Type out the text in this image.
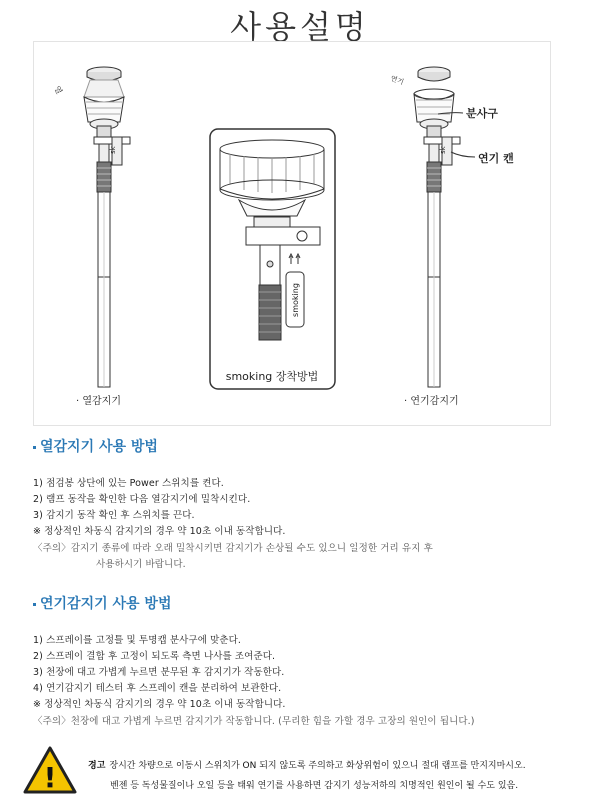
사용설명
열
sk
smoking
smoking 장착방법
연기
sk
분사구
연기 캔
· 열감지기	· 연기감지기
열감지기 사용 방법
1) 점검봉 상단에 있는 Power 스위치를 켠다.
2) 램프 동작을 확인한 다음 열감지기에 밀착시킨다.
3) 감지기 동작 확인 후 스위치를 끈다.
※ 정상적인 차동식 감지기의 경우 약 10초 이내 동작합니다.
〈주의〉감지기 종류에 따라 오래 밀착시키면 감지기가 손상될 수도 있으니 일정한 거리 유지 후
사용하시기 바랍니다.
연기감지기 사용 방법
1) 스프레이를 고정틀 및 투명캡 분사구에 맞춘다.
2) 스프레이 결합 후 고정이 되도록 측면 나사를 조여준다.
3) 천장에 대고 가볍게 누르면 분무된 후 감지기가 작동한다.
4) 연기감지기 테스터 후 스프레이 캔을 분리하여 보관한다.
※ 정상적인 차동식 감지기의 경우 약 10초 이내 동작합니다.
〈주의〉천장에 대고 가볍게 누르면 감지기가 작동합니다. (무리한 힘을 가할 경우 고장의 원인이 됩니다.)
!	경고 장시간 차량으로 이동시 스위치가 ON 되지 않도록 주의하고 화상위험이 있으니 절대 램프를 만지지마시오.
벤젠 등 독성물질이나 오일 등을 태워 연기를 사용하면 감지기 성능저하의 치명적인 원인이 될 수도 있음.
